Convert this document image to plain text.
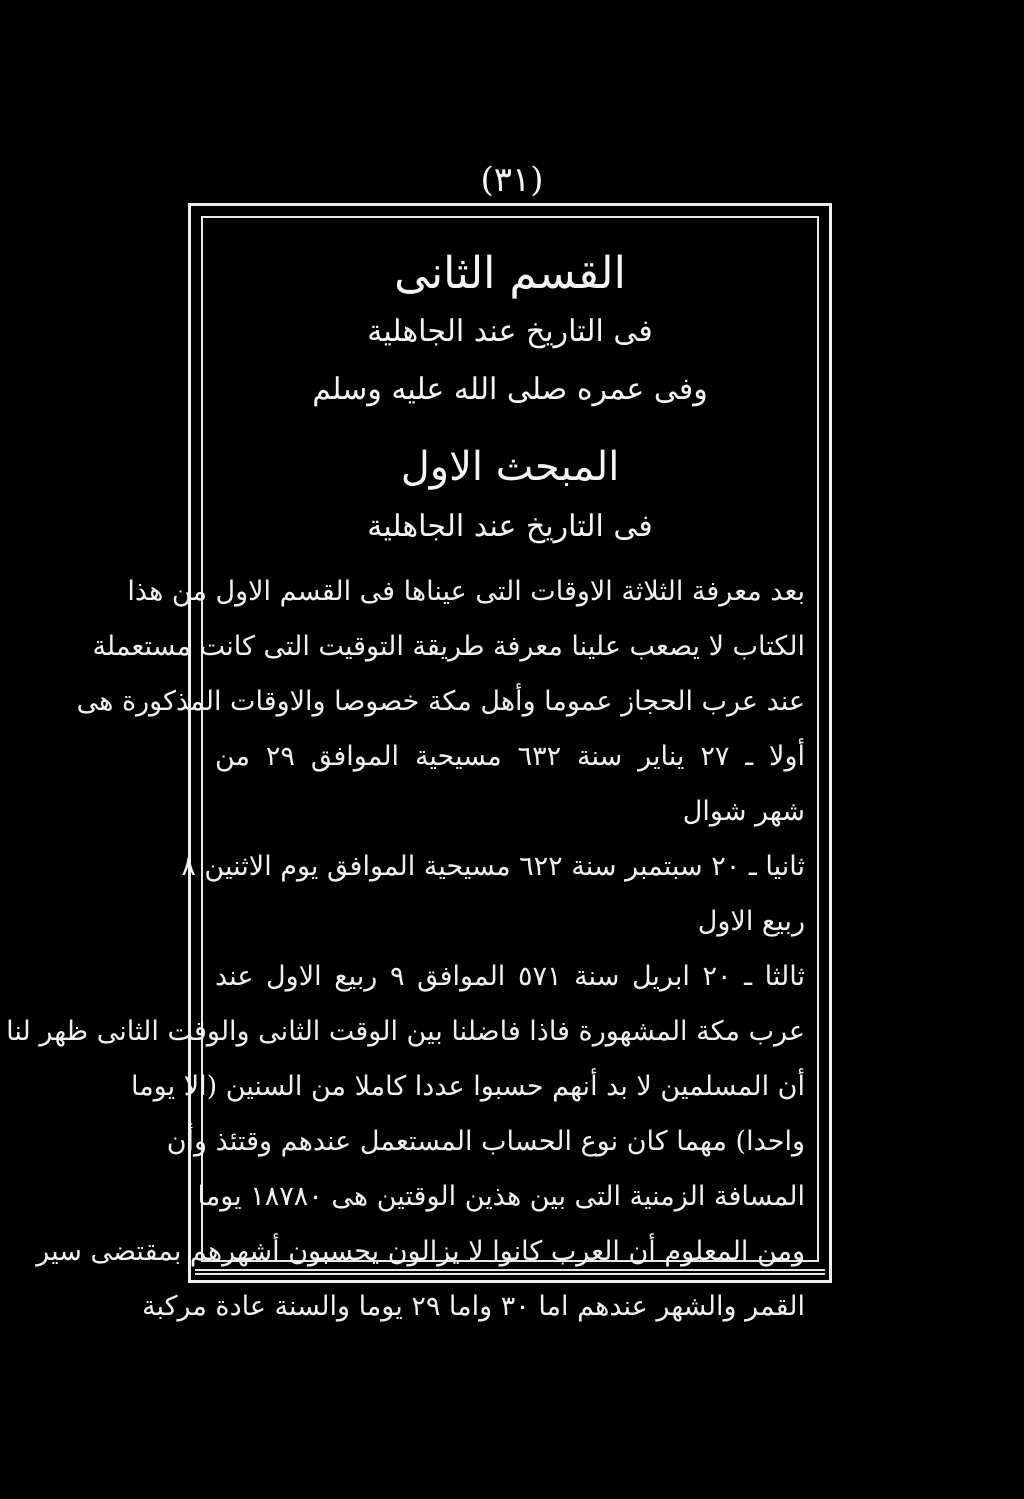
(٣١)
القسم الثانى
فى التاريخ عند الجاهلية
وفى عمره صلى الله عليه وسلم
المبحث الاول
فى التاريخ عند الجاهلية
بعد معرفة الثلاثة الاوقات التى عيناها فى القسم الاول من هذا
الكتاب لا يصعب علينا معرفة طريقة التوقيت التى كانت مستعملة
عند عرب الحجاز عموما وأهل مكة خصوصا والاوقات المذكورة هى
أولا ـ ٢٧ يناير سنة ٦٣٢ مسيحية الموافق ٢٩ من
شهر شوال
ثانيا ـ ٢٠ سبتمبر سنة ٦٢٢ مسيحية الموافق يوم الاثنين ٨
ربيع الاول
ثالثا ـ ٢٠ ابريل سنة ٥٧١ الموافق ٩ ربيع الاول عند
عرب مكة المشهورة فاذا فاضلنا بين الوقت الثانى والوقت الثانى ظهر لنا
أن المسلمين لا بد أنهم حسبوا عددا كاملا من السنين (الا يوما
واحدا) مهما كان نوع الحساب المستعمل عندهم وقتئذ وأن
المسافة الزمنية التى بين هذين الوقتين هى ١٨٧٨٠ يوما
ومن المعلوم أن العرب كانوا لا يزالون يحسبون أشهرهم بمقتضى سير
القمر والشهر عندهم اما ٣٠ واما ٢٩ يوما والسنة عادة مركبة
